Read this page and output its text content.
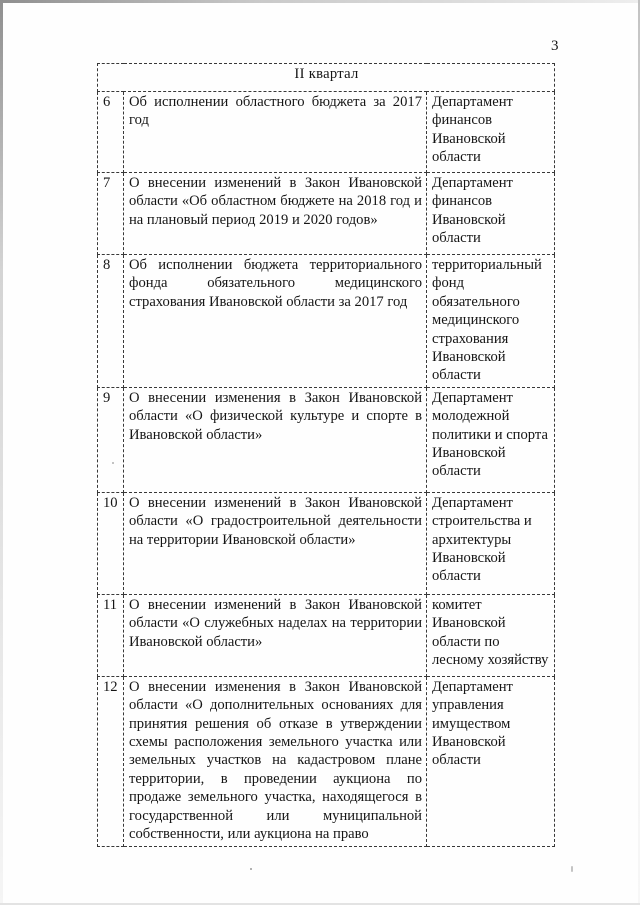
3
II квартал		
6	Об исполнении областного бюджета за 2017 год	Департамент финансов Ивановской области
7	О внесении изменений в Закон Ивановской области «Об областном бюджете на 2018 год и на плановый период 2019 и 2020 годов»	Департамент финансов Ивановской области
8	Об исполнении бюджета территориального фонда обязательного медицинского страхования Ивановской области за 2017 год	территориальный фонд обязательного медицинского страхования Ивановской области
9	О внесении изменения в Закон Ивановской области «О физической культуре и спорте в Ивановской области»	Департамент молодежной политики и спорта Ивановской области
10	О внесении изменений в Закон Ивановской области «О градостроительной деятельности на территории Ивановской области»	Департамент строительства и архитектуры Ивановской области
11	О внесении изменений в Закон Ивановской области «О служебных наделах на территории Ивановской области»	комитет Ивановской области по лесному хозяйству
12	О внесении изменения в Закон Ивановской области «О дополнительных основаниях для принятия решения об отказе в утверждении схемы расположения земельного участка или земельных участков на кадастровом плане территории, в проведении аукциона по продаже земельного участка, находящегося в государственной или муниципальной собственности, или аукциона на право	Департамент управления имуществом Ивановской области
